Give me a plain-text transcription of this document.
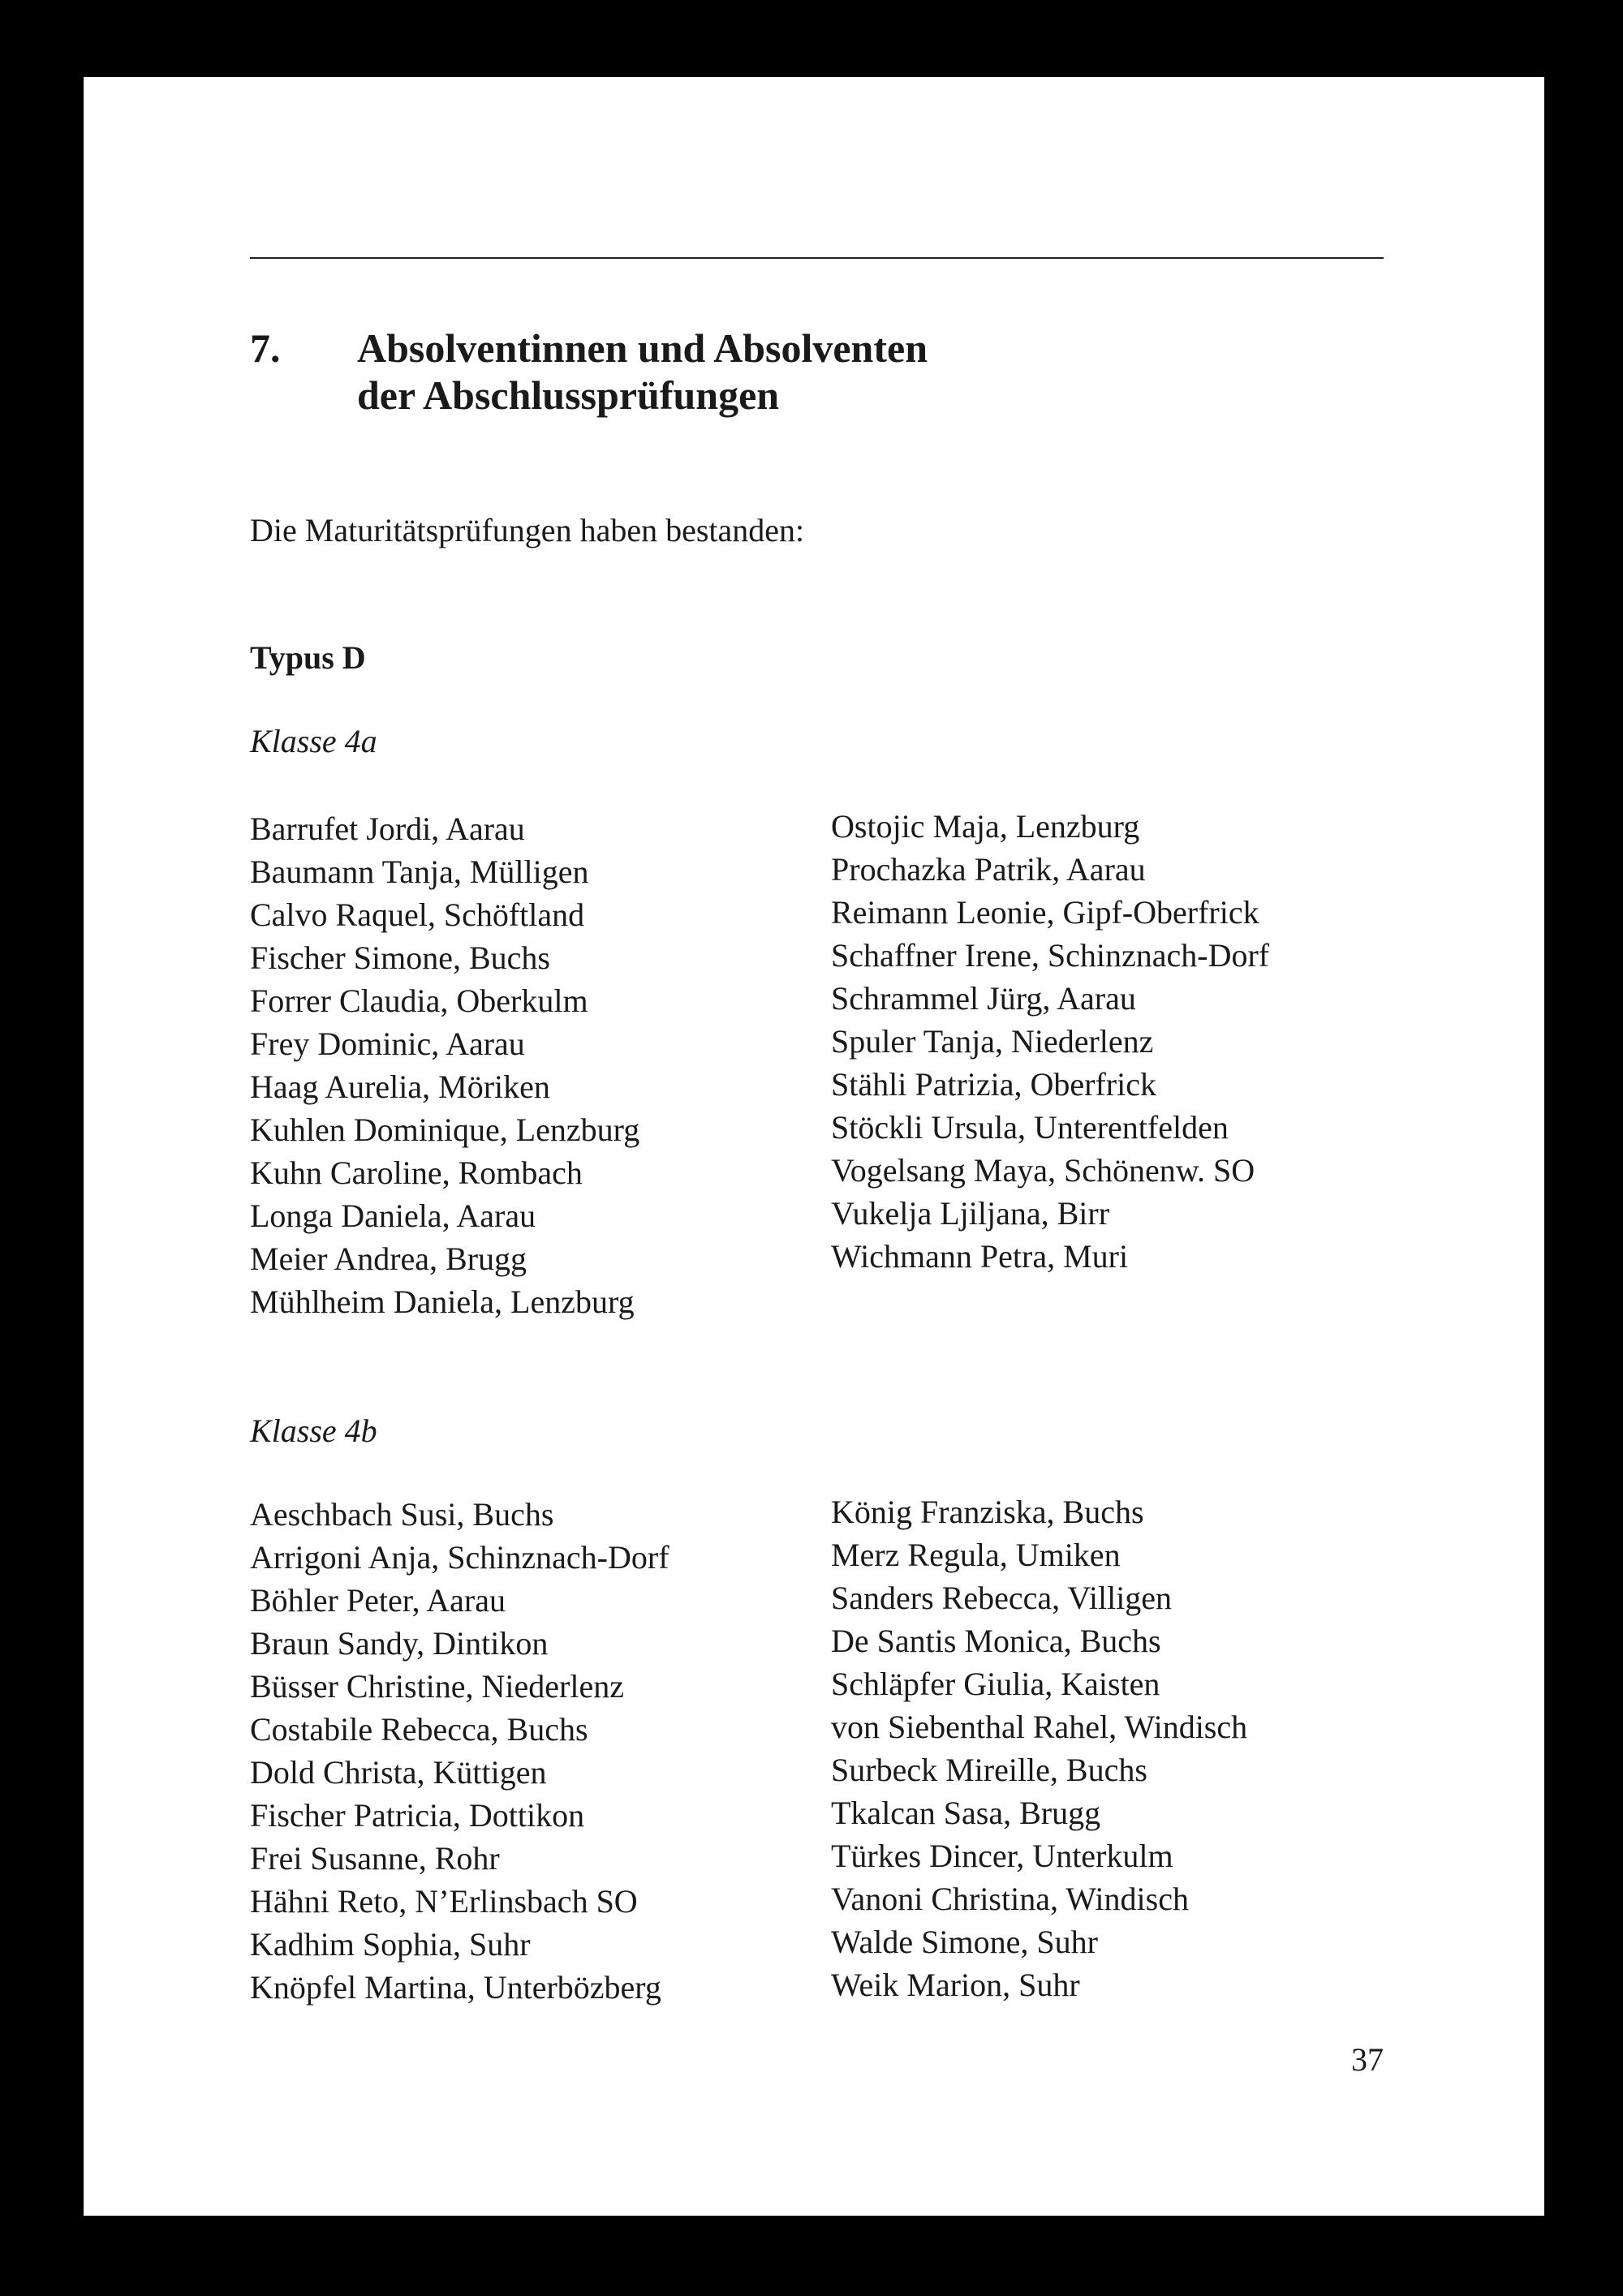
7. Absolventinnen und Absolventen
der Abschlussprüfungen
Die Maturitätsprüfungen haben bestanden:
Typus D
Klasse 4a
Barrufet Jordi, Aarau
Baumann Tanja, Mülligen
Calvo Raquel, Schöftland
Fischer Simone, Buchs
Forrer Claudia, Oberkulm
Frey Dominic, Aarau
Haag Aurelia, Möriken
Kuhlen Dominique, Lenzburg
Kuhn Caroline, Rombach
Longa Daniela, Aarau
Meier Andrea, Brugg
Mühlheim Daniela, Lenzburg
Ostojic Maja, Lenzburg
Prochazka Patrik, Aarau
Reimann Leonie, Gipf-Oberfrick
Schaffner Irene, Schinznach-Dorf
Schrammel Jürg, Aarau
Spuler Tanja, Niederlenz
Stähli Patrizia, Oberfrick
Stöckli Ursula, Unterentfelden
Vogelsang Maya, Schönenw. SO
Vukelja Ljiljana, Birr
Wichmann Petra, Muri
Klasse 4b
Aeschbach Susi, Buchs
Arrigoni Anja, Schinznach-Dorf
Böhler Peter, Aarau
Braun Sandy, Dintikon
Büsser Christine, Niederlenz
Costabile Rebecca, Buchs
Dold Christa, Küttigen
Fischer Patricia, Dottikon
Frei Susanne, Rohr
Hähni Reto, N’Erlinsbach SO
Kadhim Sophia, Suhr
Knöpfel Martina, Unterbözberg
König Franziska, Buchs
Merz Regula, Umiken
Sanders Rebecca, Villigen
De Santis Monica, Buchs
Schläpfer Giulia, Kaisten
von Siebenthal Rahel, Windisch
Surbeck Mireille, Buchs
Tkalcan Sasa, Brugg
Türkes Dincer, Unterkulm
Vanoni Christina, Windisch
Walde Simone, Suhr
Weik Marion, Suhr
37
